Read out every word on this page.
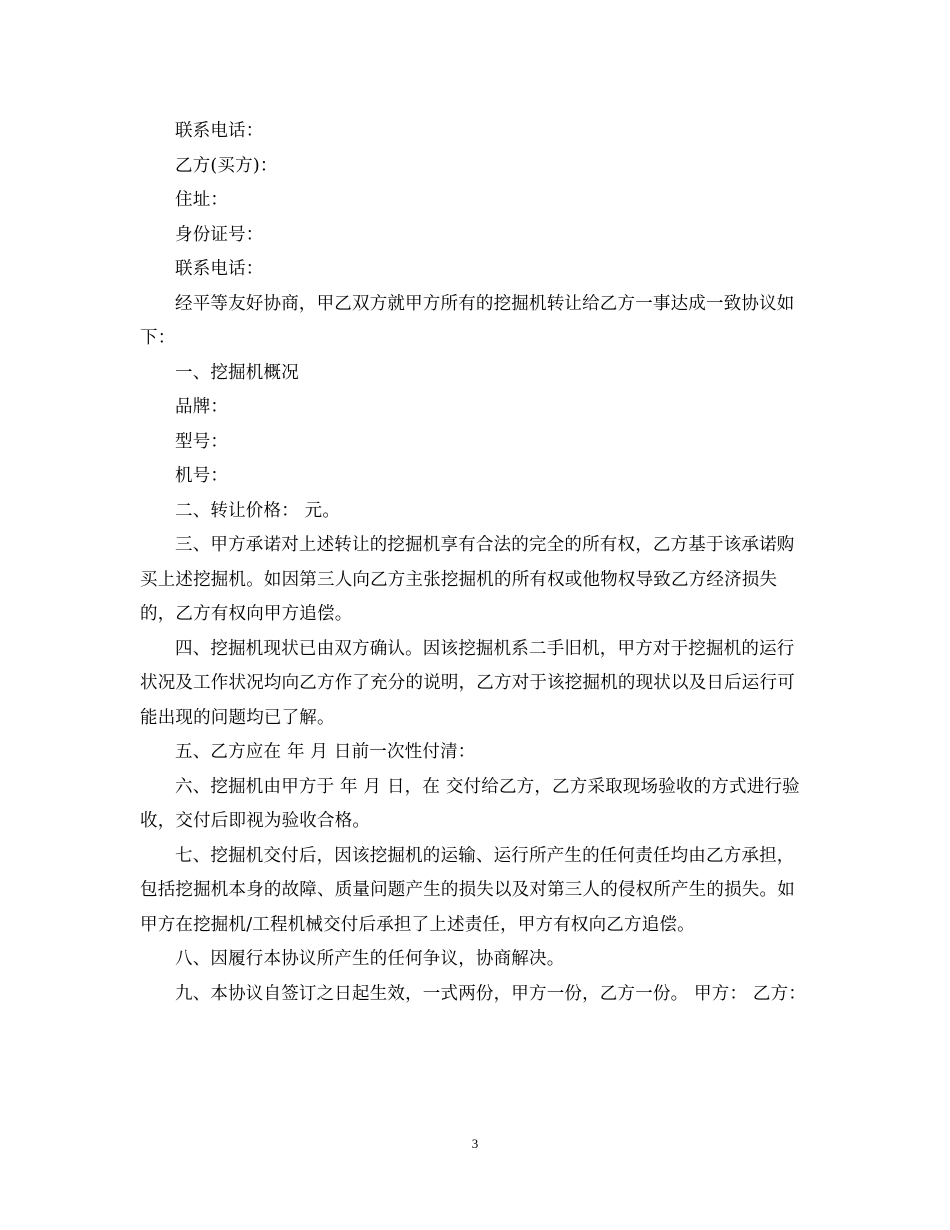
联系电话：

乙方(买方)：

住址：

身份证号：

联系电话：

经平等友好协商，甲乙双方就甲方所有的挖掘机转让给乙方一事达成一致协议如下：

一、挖掘机概况

品牌：

型号：

机号：

二、转让价格： 元。

三、甲方承诺对上述转让的挖掘机享有合法的完全的所有权，乙方基于该承诺购买上述挖掘机。如因第三人向乙方主张挖掘机的所有权或他物权导致乙方经济损失的，乙方有权向甲方追偿。

四、挖掘机现状已由双方确认。因该挖掘机系二手旧机，甲方对于挖掘机的运行状况及工作状况均向乙方作了充分的说明，乙方对于该挖掘机的现状以及日后运行可能出现的问题均已了解。

五、乙方应在 年 月 日前一次性付清：

六、挖掘机由甲方于 年 月 日，在 交付给乙方，乙方采取现场验收的方式进行验收，交付后即视为验收合格。

七、挖掘机交付后，因该挖掘机的运输、运行所产生的任何责任均由乙方承担，包括挖掘机本身的故障、质量问题产生的损失以及对第三人的侵权所产生的损失。如甲方在挖掘机/工程机械交付后承担了上述责任，甲方有权向乙方追偿。

八、因履行本协议所产生的任何争议，协商解决。

九、本协议自签订之日起生效，一式两份，甲方一份，乙方一份。 甲方： 乙方：

3
